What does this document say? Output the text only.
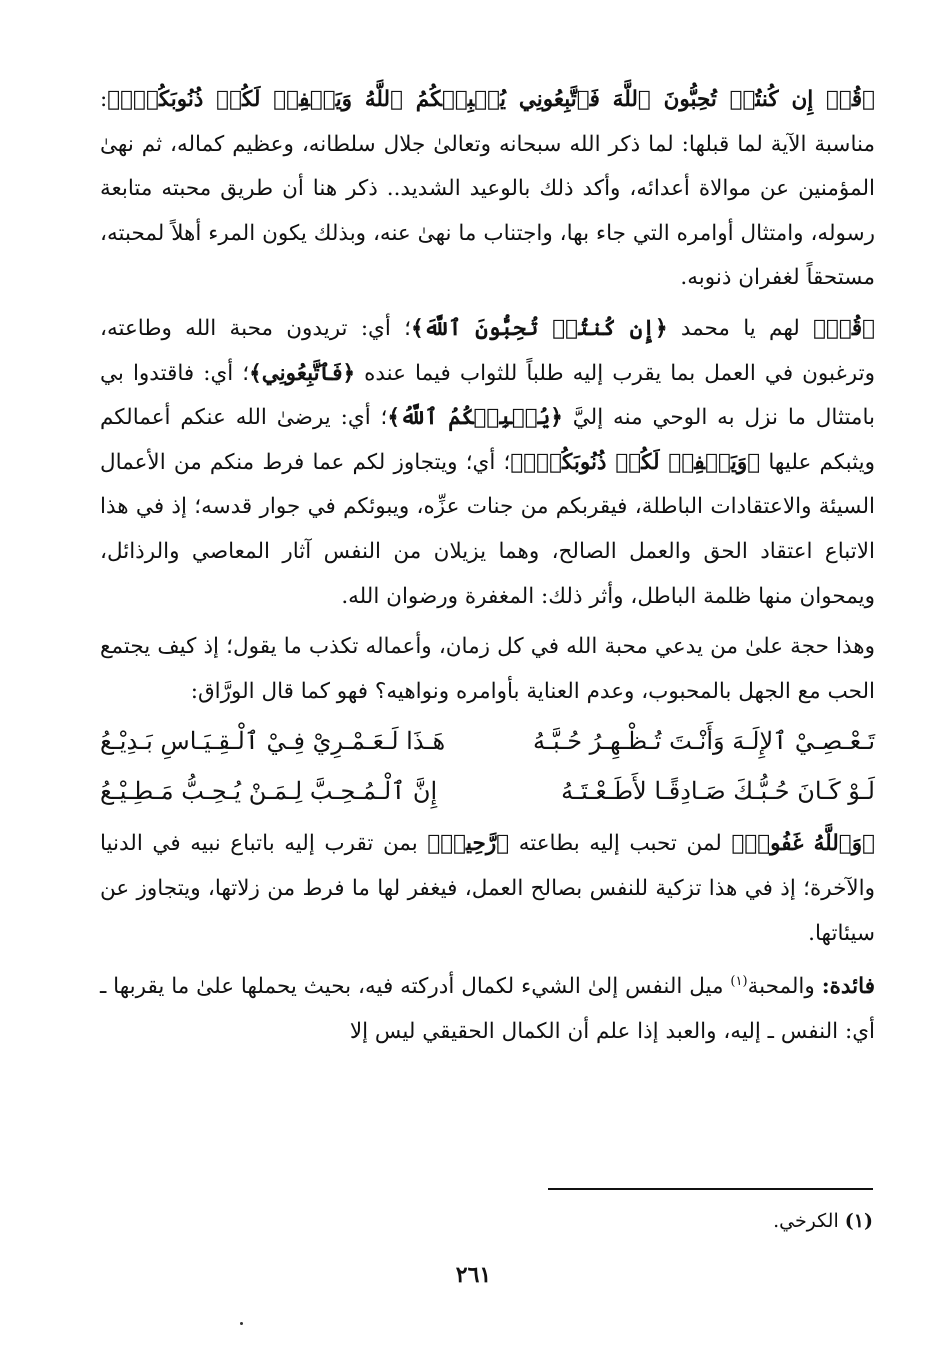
﴿قُلۡ إِن كُنتُمۡ تُحِبُّونَ ٱللَّهَ فَٱتَّبِعُونِي يُحۡبِبۡكُمُ ٱللَّهُ وَيَغۡفِرۡ لَكُمۡ ذُنُوبَكُمۡۚ﴾: مناسبة الآية لما قبلها: لما ذكر الله سبحانه وتعالىٰ جلال سلطانه، وعظيم كماله، ثم نهىٰ المؤمنين عن موالاة أعدائه، وأكد ذلك بالوعيد الشديد.. ذكر هنا أن طريق محبته متابعة رسوله، وامتثال أوامره التي جاء بها، واجتناب ما نهىٰ عنه، وبذلك يكون المرء أهلاً لمحبته، مستحقاً لغفران ذنوبه.

﴿قُلۡ﴾ لهم يا محمد ﴿إِن كُنتُمۡ تُحِبُّونَ ٱللَّهَ﴾؛ أي: تريدون محبة الله وطاعته، وترغبون في العمل بما يقرب إليه طلباً للثواب فيما عنده ﴿فَٱتَّبِعُونِي﴾؛ أي: فاقتدوا بي بامتثال ما نزل به الوحي منه إليَّ ﴿يُحۡبِبۡكُمُ ٱللَّهُ﴾؛ أي: يرضىٰ الله عنكم أعمالكم ويثبكم عليها ﴿وَيَغۡفِرۡ لَكُمۡ ذُنُوبَكُمۡۚ﴾؛ أي؛ ويتجاوز لكم عما فرط منكم من الأعمال السيئة والاعتقادات الباطلة، فيقربكم من جنات عزِّه، ويبوئكم في جوار قدسه؛ إذ في هذا الاتباع اعتقاد الحق والعمل الصالح، وهما يزيلان من النفس آثار المعاصي والرذائل، ويمحوان منها ظلمة الباطل، وأثر ذلك: المغفرة ورضوان الله.

وهذا حجة علىٰ من يدعي محبة الله في كل زمان، وأعماله تكذب ما يقول؛ إذ كيف يجتمع الحب مع الجهل بالمحبوب، وعدم العناية بأوامره ونواهيه؟ فهو كما قال الورَّاق:

تَـعْـصِـيْ ٱلإِلَـهَ وَأَنْـتَ تُـظْـهِـرُ حُـبَّـهُ
هَـذَا لَـعَـمْـرِيْ فِـيْ ٱلْـقِـيَـاسِ بَـدِيْـعُ
لَـوْ كَـانَ حُـبُّـكَ صَـادِقًـا لأَطَـعْـتَـهُ
إِنَّ ٱلْـمُـحِـبَّ لِـمَـنْ يُـحِـبُّ مَـطِـيْـعُ

﴿وَٱللَّهُ غَفُورٞ﴾ لمن تحبب إليه بطاعته ﴿رَّحِيمٞ﴾ بمن تقرب إليه باتباع نبيه في الدنيا والآخرة؛ إذ في هذا تزكية للنفس بصالح العمل، فيغفر لها ما فرط من زلاتها، ويتجاوز عن سيئاتها.

فائدة: والمحبة$^{(١)}$ ميل النفس إلىٰ الشيء لكمال أدركته فيه، بحيث يحملها علىٰ ما يقربها ـ أي: النفس ـ إليه، والعبد إذا علم أن الكمال الحقيقي ليس إلا

(١) الكرخي.
٢٦١
